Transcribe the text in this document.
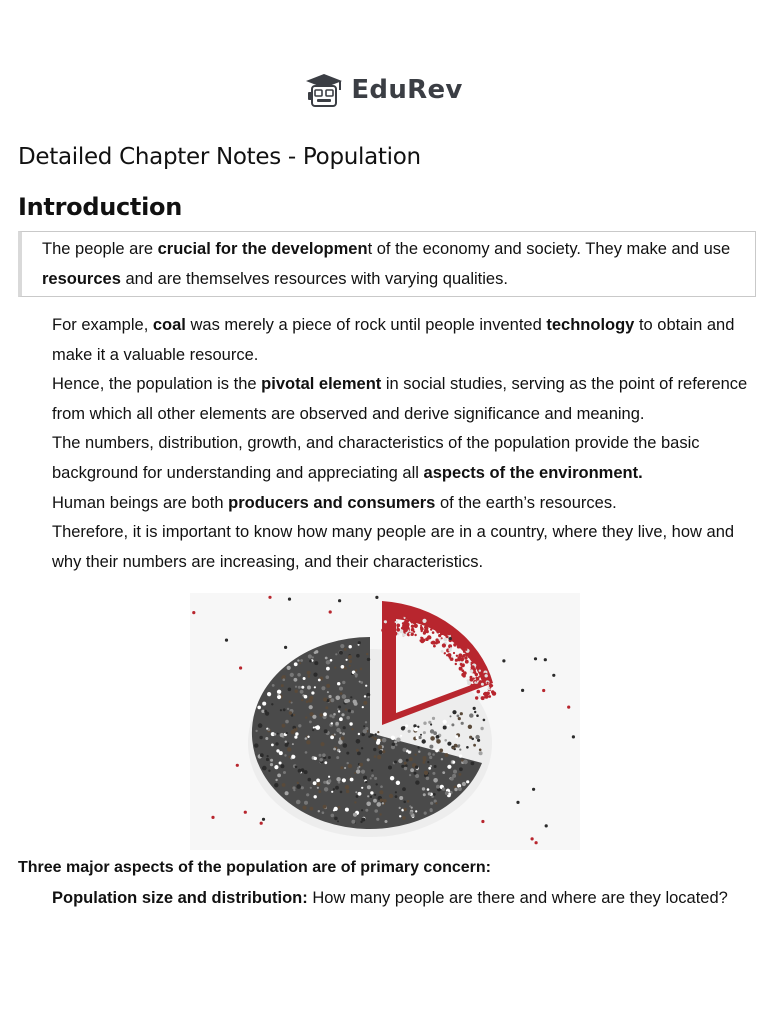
EduRev
Detailed Chapter Notes - Population
Introduction
The people are crucial for the development of the economy and society. They make and use resources and are themselves resources with varying qualities.

For example, coal was merely a piece of rock until people invented technology to obtain and make it a valuable resource.

Hence, the population is the pivotal element in social studies, serving as the point of reference from which all other elements are observed and derive significance and meaning.

The numbers, distribution, growth, and characteristics of the population provide the basic background for understanding and appreciating all aspects of the environment.

Human beings are both producers and consumers of the earth’s resources.

Therefore, it is important to know how many people are in a country, where they live, how and why their numbers are increasing, and their characteristics.

Three major aspects of the population are of primary concern:

Population size and distribution: How many people are there and where are they located?
